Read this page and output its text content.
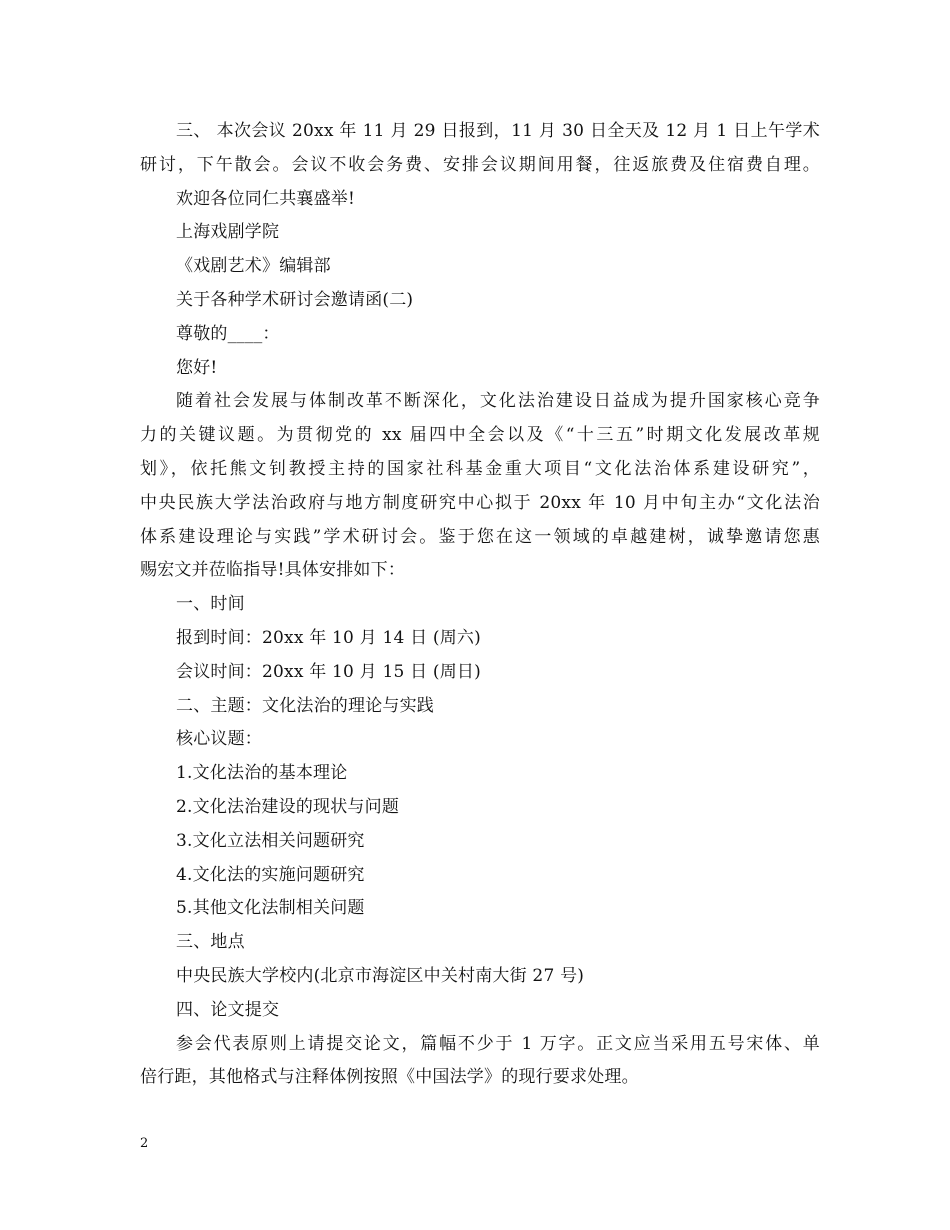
三、 本次会议 20xx 年 11 月 29 日报到，11 月 30 日全天及 12 月 1 日上午学术
研讨，下午散会。会议不收会务费、安排会议期间用餐，往返旅费及住宿费自理。
欢迎各位同仁共襄盛举!
上海戏剧学院
《戏剧艺术》编辑部
关于各种学术研讨会邀请函(二)
尊敬的____：
您好!
随着社会发展与体制改革不断深化，文化法治建设日益成为提升国家核心竞争
力的关键议题。为贯彻党的 xx 届四中全会以及《“十三五”时期文化发展改革规
划》，依托熊文钊教授主持的国家社科基金重大项目“文化法治体系建设研究”，
中央民族大学法治政府与地方制度研究中心拟于 20xx 年 10 月中旬主办“文化法治
体系建设理论与实践”学术研讨会。鉴于您在这一领域的卓越建树，诚挚邀请您惠
赐宏文并莅临指导!具体安排如下：
一、时间
报到时间：20xx 年 10 月 14 日 (周六)
会议时间：20xx 年 10 月 15 日 (周日)
二、主题：文化法治的理论与实践
核心议题：
1.文化法治的基本理论
2.文化法治建设的现状与问题
3.文化立法相关问题研究
4.文化法的实施问题研究
5.其他文化法制相关问题
三、地点
中央民族大学校内(北京市海淀区中关村南大街 27 号)
四、论文提交
参会代表原则上请提交论文，篇幅不少于 1 万字。正文应当采用五号宋体、单
倍行距，其他格式与注释体例按照《中国法学》的现行要求处理。
2
